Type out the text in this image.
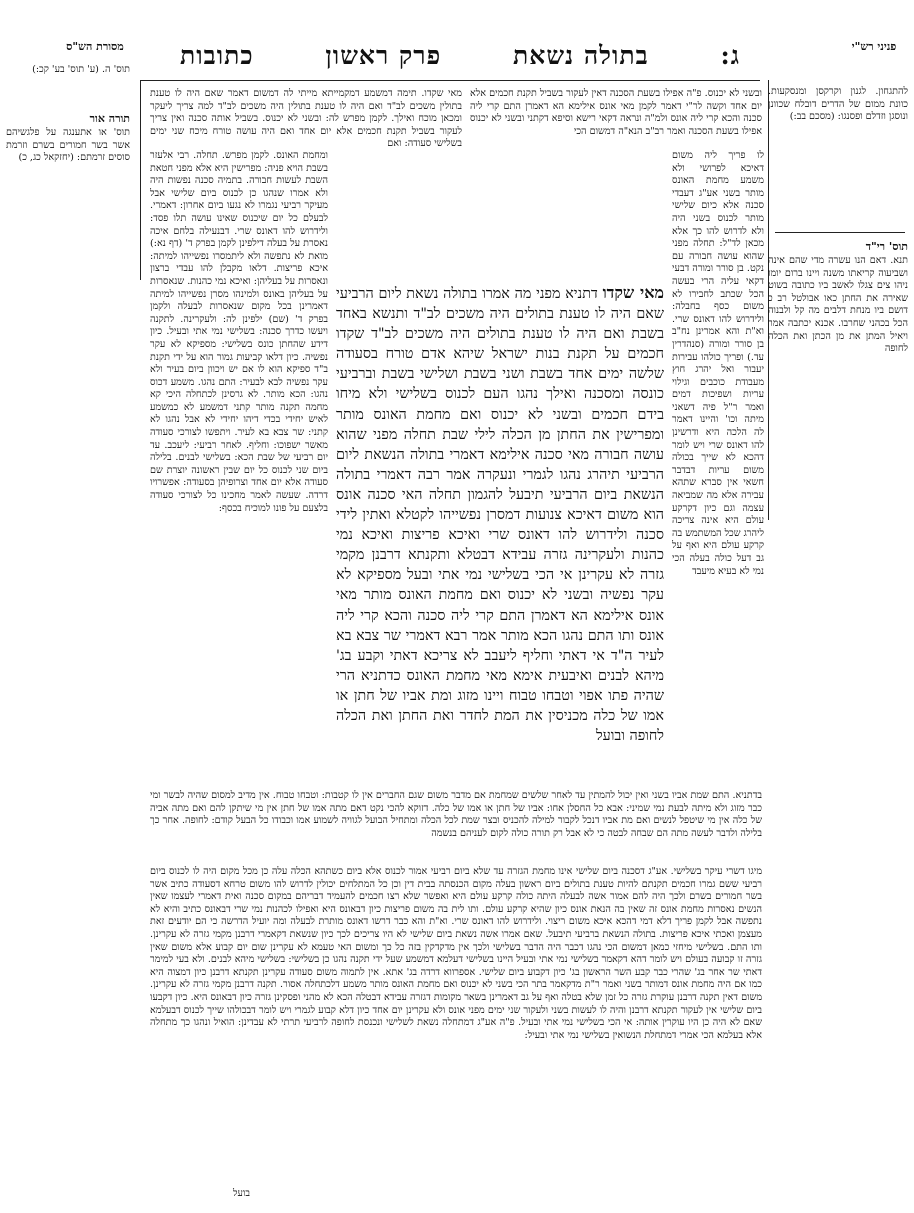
פניני רש"י
ג:
בתולה נשאת
פרק ראשון
כתובות
מסורת הש"ס

להתגחון. לגנון וקרקסן ומנסקעות. כוונת ממום של הדרים דובלח שכוונן ונוסגן וזדלם ופסנגו: (מסכם בב:)

תוס' רי"ד

תנא. דאם הנו עשרה מדי שהם אינה ושביעוה קריאתו משנה ויינו ברום יומו ניהו צים צגלו לאשב ביו כתובה בשוט שאירה את החתן כאו אבולטל רב כ דושם ביו מנחת דלבים מה קל ולבנוה הכל בכהני שחרבו. אכנא יכתבה אמר ויאיל המתן את מן הכתן ואת הכלה לחופה

תוס' ה. (ע' תוס' בע' קכ:)

תורה אור

תוס' או אתענגה על פלגשיהם אשר בשר חמורים בשרם וזרמת סוסים זרמתם: (יחזקאל כג, כ)

ובשני לא יכנוס. פ"ה אפילו בשעת הסכנה דאין לעקור בשביל תקנת חכמים אלא יום אחד וקשה לר"י דאמר לקמן מאי אונס אילימא הא דאמרן התם קרי ליה סכנה והכא קרי ליה אונס ולמ"ה ונראה דקאי רישא וסיפא דקתני ובשני לא יכנוס אפילו בשעת הסכנה ואמר רב"ב הנא"ה דמשום הכי

מאי שקדו. תימה דמשמע דמקמייתא מייתי לה דמשום דאמר שאם היה לו טענת בתולין משכים לב"ד ואם היה לו טענת בתולין היה משכים לב"ד למה צריך ליעקר ומכאן מוכח ואילך. לקמן מפרש לה: ובשני לא יכנוס. בשביל אותה סכנה ואין צריך לעקור בשביל תקנת חכמים אלא יום אחד ואם היה עושה טורח מיכח שני ימים בשלישי סעודה: ואם

לו פריך ליה משום דאיכא לפרושי ולא משמע מחמת האונס מותר בשני אע"ג דעבדי סכנה אלא כיום שלישי מותר לכנוס בשני היה ולא לדרוש להו כך אלא מכאן לד"ל: תחלה מפני שהוא עושה חבורה עם נקט. בן סורר ומורה דבעי דקאי עליה הרי בעשה הכל שכתב לחבירו לא משום כסף בחבלה: ולידרוש להו דאונס שרי. וא"ת והא אמרינן נח"ב בן סורר ומורה (סנהדרין עד.) ופריך כולהו עבירות יעבור ואל יהרג חוץ מעבודת כוכבים וגילוי עריות ושפיכות דמים ואמר ר"ל פיה דשאני מיתה וכו' והיינו דאמר לה הלכה היא ודרשינן להו דאונס שרי ויש לומר דהכא לא שייך בכולה משום עריות דבדבר חשאי אין סברא שתהא עבירה אלא מה שמביאה עצמה וגם כיון דקרקע עולם היא אינה צריכה ליהרג שכל המשתמש בה קרקע עולם היא ואף על גב דעל כולה בעלה הכי נמי לא בעיא מיעבד

מאי שקדו דתניא מפני מה אמרו בתולה נשאת ליום הרביעי שאם היה לו טענת בתולים היה משכים לב"ד ותנשא באחד בשבת ואם היה לו טענת בתולים היה משכים לב"ד שקדו חכמים על תקנת בנות ישראל שיהא אדם טורח בסעודה שלשה ימים אחד בשבת ושני בשבת ושלישי בשבת וברביעי כונסה ומסכנה ואילך נהגו העם לכנוס בשלישי ולא מיחו בידם חכמים ובשני לא יכנוס ואם מחמת האונס מותר ומפרישין את החתן מן הכלה לילי שבת תחלה מפני שהוא עושה חבורה מאי סכנה אילימא דאמרי בתולה הנשאת ליום הרביעי תיהרג נהגו לגמרי ונעקרה אמר רבה דאמרי בתולה הנשאת ביום הרביעי תיבעל להגמון תחלה האי סכנה אונס הוא משום דאיכא צנועות דמסרן נפשייהו לקטלא ואתין לידי סכנה ולידרוש להו דאונס שרי ואיכא פריצות ואיכא נמי כהנות ולעקרינה גזרה עבידא דבטלא ותקנתא דרבנן מקמי גזרה לא עקרינן אי הכי בשלישי נמי אתי ובעל מספיקא לא עקר נפשיה ובשני לא יכנוס ואם מחמת האונס מותר מאי אונס אילימא הא דאמרן התם קרי ליה סכנה והכא קרי ליה אונס ותו התם נהגו הכא מותר אמר רבא דאמרי שר צבא בא לעיר ה"ד אי דאתי וחליף ליעבב לא צריכא דאתי וקבע בג' מיהא לבנים ואיבעית אימא מאי מחמת האונס כדתניא הרי שהיה פתו אפוי וטבחו טבוח ויינו מזוג ומת אביו של חתן או אמו של כלה מכניסין את המת לחדר ואת החתן ואת הכלה לחופה ובועל

ומחמת האונס. לקמן מפרש. תחלה. רבי אלעזר בשבת הויא פניה: מפרישין היא אלא מפני חטאת השבת לעשות חבורה. בתמיה סכנה נפשות היה ולא אמרו שנהגו כן לכנוס ביום שלישי אבל מעיקר רביעי נגמרו לא נגעו ביום אחרון: דאמרי. לבעלם כל יום שיכנוס שאינו עושה תלו פסד: ולידרוש להו דאונס שרי. דבנעילה בלחם איכה נאסרת על בעלה דילפינן לקמן בפרק ד' (דף נא:) מואת לא נתפשה ולא ליתמסרו נפשייהו למיתה: איכא פריצות. דלאו מקבלן להו עבדי ברצון ונאסרות על בעליהן: ואיכא נמי כהנות. שנאסרות על בעליהן באונס ולמינהו מסרן נפשייהו למיתה דאמרינן בכל מקום שנאסרות לבעלה ולקמן בפרק ד' (שם) ילפינן לה: ולעקרינה. לתקנה ויעשו כדרך סכנה: בשלישי נמי אתי ובעיל. כיון דידע שהחתן כונס בשלישי: מספיקא לא עקר נפשיה. כיון דלאו קביעות גמור הוא על ידי תקנת ב"ד ספיקא הוא לו אם יש ויכוון ביום בעיר ולא עקר נפשיה לבא לבעיר: התם נהגו. משמע דכוס נהגו: הכא מותר. לא גרסינן לכתחלה היכי קא מחמה תקנה מותר קתני דמשמע לא כמשמע לאיש יחידי בכדי דיהו יחידי לא אבל נהגו לא קתני: שר צבא בא לעיר. ויתפשו לצורכי סעודה מאשר ישפוכו: וחליף. לאחר רביעי: ליעכב. עד יום רביעי של שבת הכא: בשלישי לבנים. בלילה ביום שני לכנוס כל יום שבין ראשונה יוצרת שם סעודה אלא יום אחד וצרופיהן בסעודה: אפשרויו דרדה. שעשה לאמר מחכינו כל לצורכי סעודה בלצעם על פונו למוכיח בכסף:

בדתניא. התם שמת אביו בשני ואין יכול להמתין עד לאחר שלשים שמחמת אם מדבר משום שגם החברים אין לו קטבות: וטבחו טבוח. אין מדיב למסום שהיה לבשר ומי כבר מזוג ולא מיתה לבעת נמי שמיני: אבא כל החסלן אחו: אביו של חתן או אמו של כלה. דזוקא להכי נקט דאם מתה אמו של חתן אין מי שיתקן להם ואם מתה אביה של כלה אין מי שיטפל לנשים ואם מת אביו דנכל לקבור למילה להכניס ובצר שמת לכל הכלה ומתחיל הבועל לגוויה לשמוע אמו וכבודו כל הבעל קודם: לחופה. אחר כך בלילה ולדבר לעשה מתה הם שבחה לבטה כי לא אבל רק תורה כולה לקום לעניהם בנשמה

מיגו דשרי עיקר בשלישי. אע"ג דסכנה ביום שלישי אינו מחמת הגזרה עד שלא ביום רביעי אמור לכנוס אלא ביום כשתהא הכלה עלה כן מכל מקום היה לו לכנוס ביום רביעי ששם גמרו חכמים תקנתם להיות טענת בתולים ביום ראשון בעלה מקום הכנסתה בבית דין וכן כל המתלחים יכולין לדרוש להו משום טרחא דסעודה כתיב אשר בשר חמורים בשרם ולכך היה להם אמור אשה לבעלה היתה כולה קרקע עולם היא ואפשר שלא רצו חכמים להעמיד דבריהם במקום סכנה ואית דאמרי לעצמו שאין הנשים נאסרות מחמת אונס זה שאין בה הנאת אונס כיון שהיא קרקע עולם. ותו לית בה משום פריצות כיון דבאונס היא ואפילו לכהנות נמי שרי דבאונס כתיב והיא לא נתפשה אבל לקמן פריך דלא דמי דהכא איכא משום ריצוי. ולידרוש להו דאונס שרי. וא"ת והא כבר דרשו דאונס מותרת לבעלה ומה יועיל הדרשה כי הם יודעים זאת מעצמן ואכתי איכא פריצות. בתולה הנשאת ברביעי תיבעל. שאם אמרו אשה נשאת ביום שלישי לא היו צריכים לכך כיון שנשאת דקאמרי דרבנן מקמי גזרה לא עקרינן. ותו התם. בשלישי מיחזי כמאן דמשום הכי נהגו דכבר היה הדבר בשלישי ולכך אין מדקדקין בזה כל כך ומשום האי טעמא לא עקרינן שום יום קבוע אלא משום שאין גזרה זו קבועה בעולם ויש לומר דהא דקאמר בשלישי נמי אתי ובעיל היינו בשלישי דעלמא דמשמע שעל ידי תקנה נהגו כן בשלישי: בשלישי מיהא לבנים. ולא בעי למימר דאתי שר אחר בג' שהרי כבר קבע השר הראשון בג' כיון דקבוע ביום שלישי. אספרווא דרדה בג' אתא. אין לתמוה משום סעודה עקרינן תקנתא דרבנן כיון דמצוה היא כמו אם היה מחמת אונס דמותר בשני ואמר ר"ת מדקאמר בתר הכי בשני לא יכנוס ואם מחמת האונס מותר משמע דלכתחלה אסור. תקנה דרבנן מקמי גזרה לא עקרינן. משום דאין תקנה דרבנן עוקרת גזרה כל זמן שלא בטלה ואף על גב דאמרינן בשאר מקומות דגזרה עבידא דבטלה הכא לא מהני ופסקינן גזרה כיון דבאונס היא. כיון דקבעו ביום שלישי אין לעקור תקנתא דרבנן והיה לו לעשות בשני ולעקור שני ימים מפני אונס ולא עקרינן יום אחד כיון דלא קבוע לגמרי ויש לומר דבכולהו שייך לכנוס דבעלמא שאם לא היה כן היו עוקרין אותה: אי הכי בשלישי נמי אתי ובעיל. פ"ה אע"ג דמתחלה נשאת לשלישי ונכנסת לחופה לרביעי תרתי לא עבדינן: הואיל ונהגו כך מתחלה אלא בעלמא הכי אמרי דמתחלת הנשואין בשלישי נמי אתי ובעיל:

בועל
